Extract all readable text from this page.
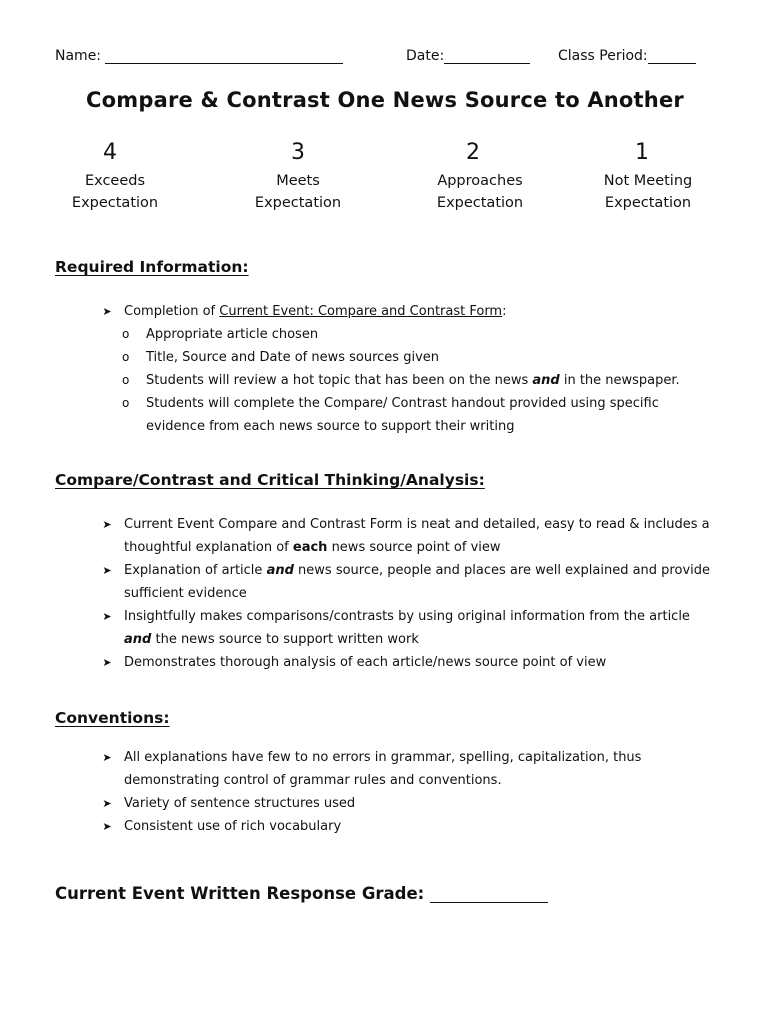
Name:	Date:	Class Period:
Compare & Contrast One News Source to Another
4
Exceeds
Expectation
3
Meets
Expectation
2
Approaches
Expectation
1
Not Meeting
Expectation
Required Information:
➤ Completion of Current Event: Compare and Contrast Form:
o Appropriate article chosen
o Title, Source and Date of news sources given
o Students will review a hot topic that has been on the news and in the newspaper.
o Students will complete the Compare/ Contrast handout provided using specific evidence from each news source to support their writing
Compare/Contrast and Critical Thinking/Analysis:
➤ Current Event Compare and Contrast Form is neat and detailed, easy to read & includes a thoughtful explanation of each news source point of view
➤ Explanation of article and news source, people and places are well explained and provide sufficient evidence
➤ Insightfully makes comparisons/contrasts by using original information from the article and the news source to support written work
➤ Demonstrates thorough analysis of each article/news source point of view
Conventions:
➤ All explanations have few to no errors in grammar, spelling, capitalization, thus demonstrating control of grammar rules and conventions.
➤ Variety of sentence structures used
➤ Consistent use of rich vocabulary
Current Event Written Response Grade:
